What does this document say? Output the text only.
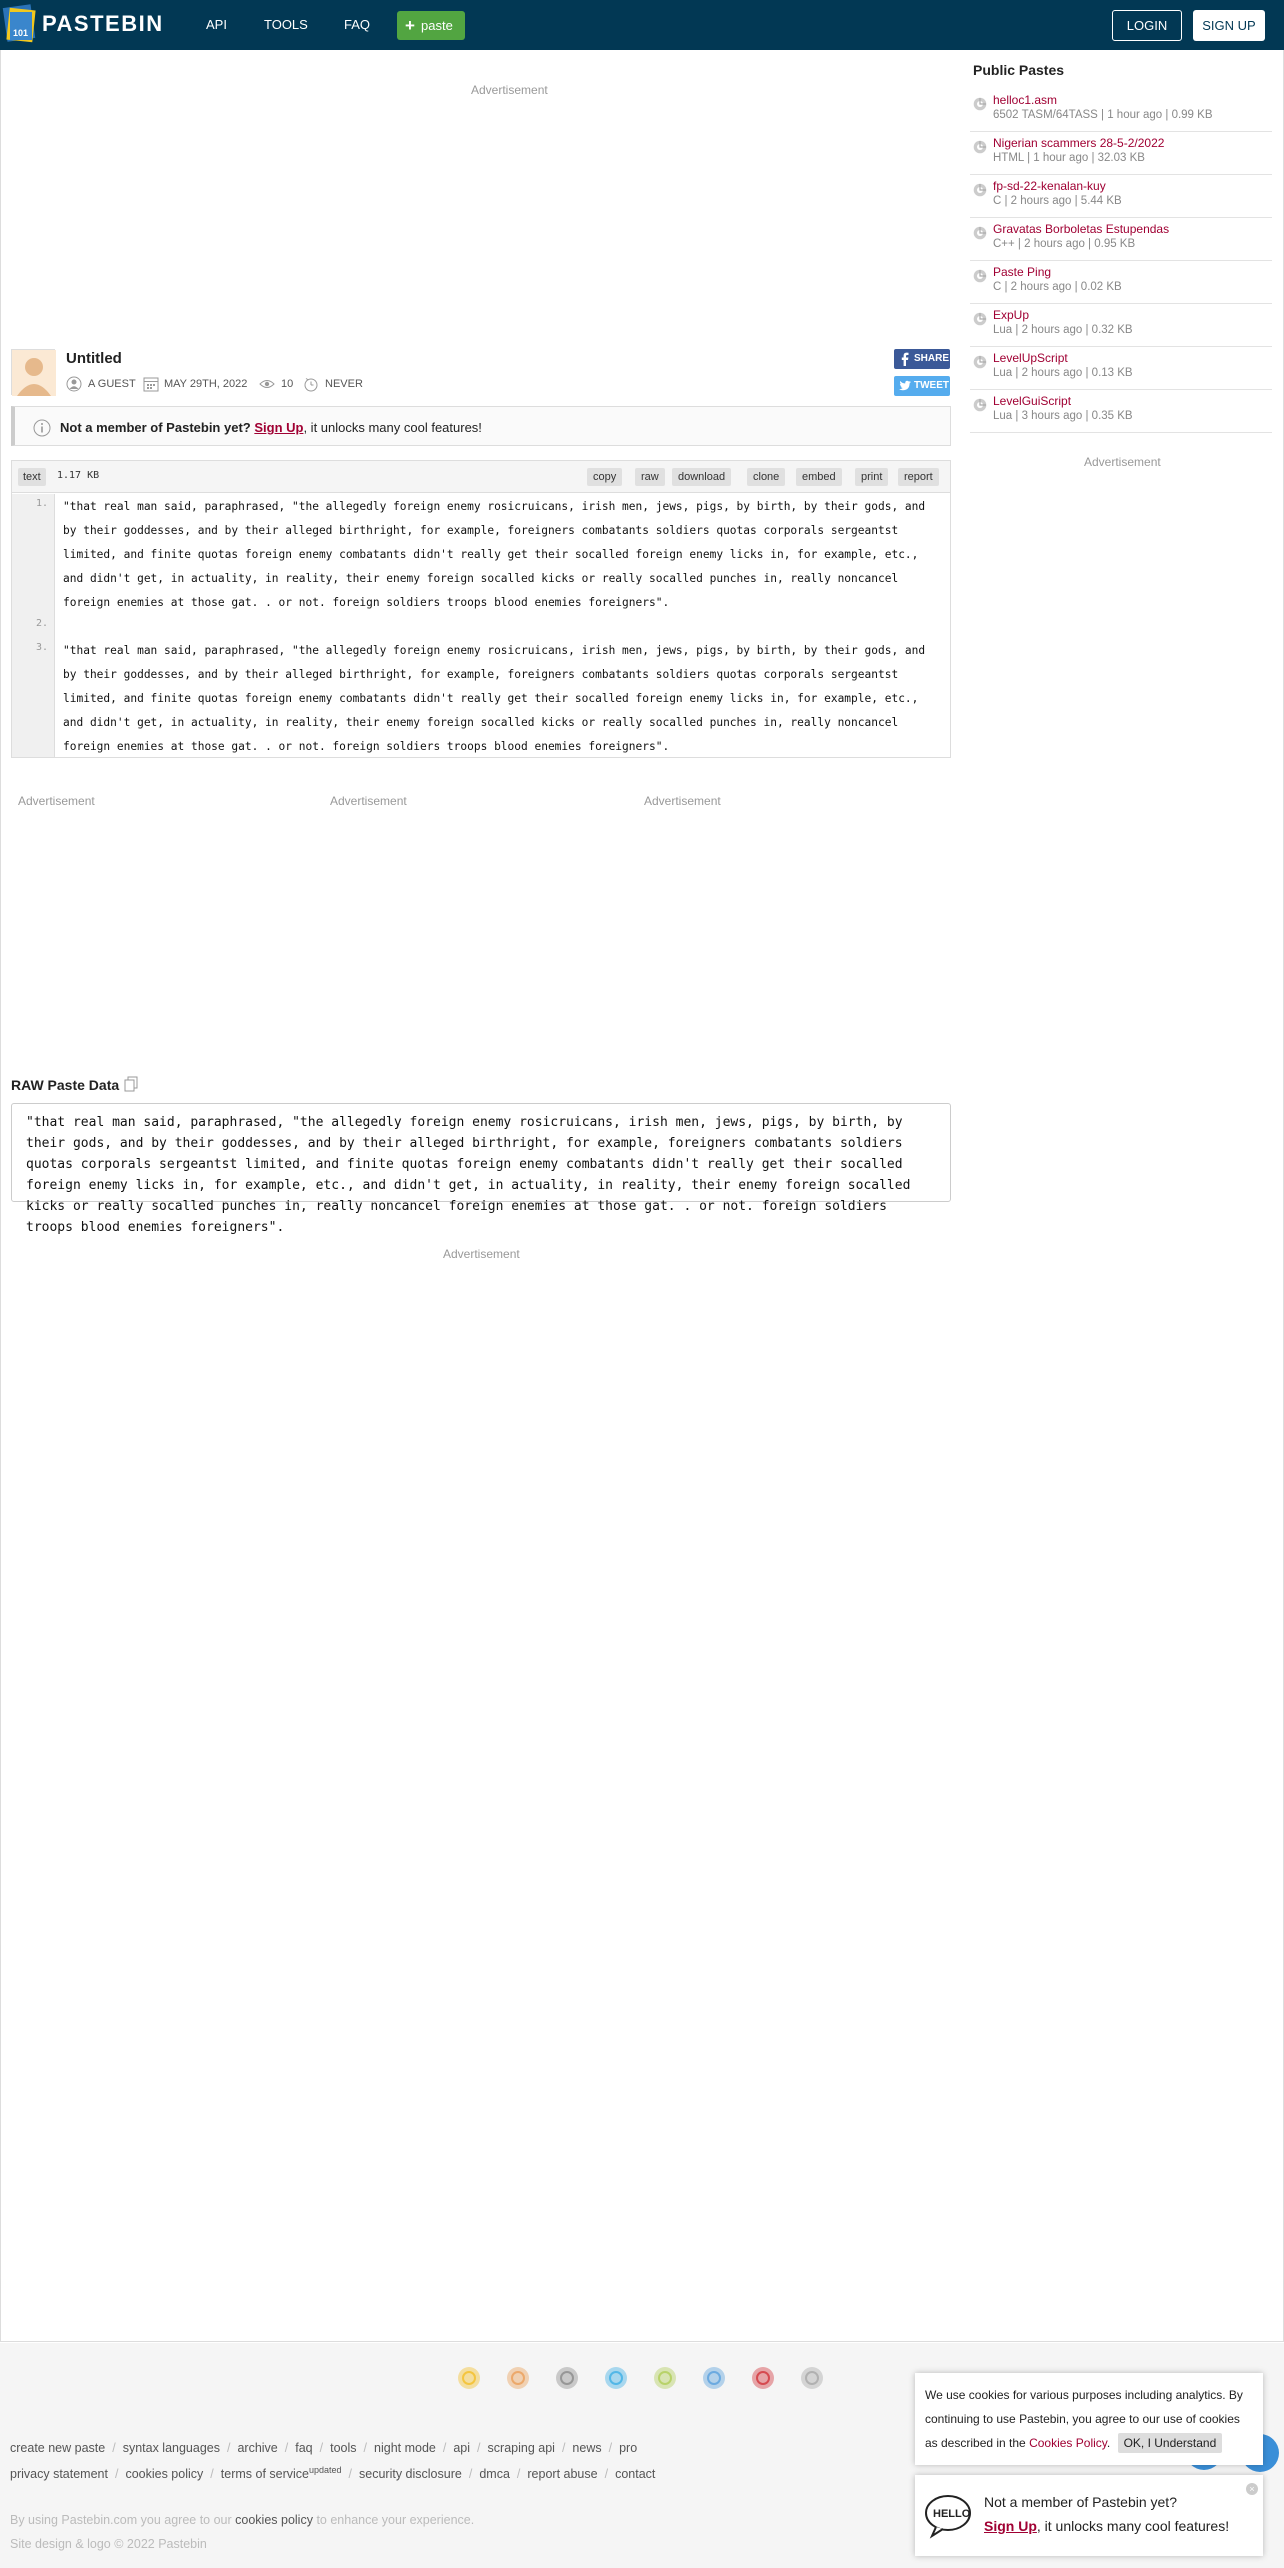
101 PASTEBIN	API	TOOLS	FAQ + paste	LOGIN	SIGN UP
Advertisement
Advertisement	Advertisement	Advertisement
Advertisement
Advertisement
Untitled
A GUEST	MAY 29TH, 2022	10	NEVER
SHARE
TWEET
Not a member of Pastebin yet? Sign Up, it unlocks many cool features!
text	1.17 KB	copy	raw	download	clone	embed	print	report
1.
2.
3.
"that real man said, paraphrased, "the allegedly foreign enemy rosicruicans, irish men, jews, pigs, by birth, by their gods, and by their goddesses, and by their alleged birthright, for example, foreigners combatants soldiers quotas corporals sergeantst limited, and finite quotas foreign enemy combatants didn't really get their socalled foreign enemy licks in, for example, etc., and didn't get, in actuality, in reality, their enemy foreign socalled kicks or really socalled punches in, really noncancel foreign enemies at those gat. . or not. foreign soldiers troops blood enemies foreigners".
"that real man said, paraphrased, "the allegedly foreign enemy rosicruicans, irish men, jews, pigs, by birth, by their gods, and by their goddesses, and by their alleged birthright, for example, foreigners combatants soldiers quotas corporals sergeantst limited, and finite quotas foreign enemy combatants didn't really get their socalled foreign enemy licks in, for example, etc., and didn't get, in actuality, in reality, their enemy foreign socalled kicks or really socalled punches in, really noncancel foreign enemies at those gat. . or not. foreign soldiers troops blood enemies foreigners".
RAW Paste Data
"that real man said, paraphrased, "the allegedly foreign enemy rosicruicans, irish men, jews, pigs, by birth, by their gods, and by their goddesses, and by their alleged birthright, for example, foreigners combatants soldiers quotas corporals sergeantst limited, and finite quotas foreign enemy combatants didn't really get their socalled foreign enemy licks in, for example, etc., and didn't get, in actuality, in reality, their enemy foreign socalled kicks or really socalled punches in, really noncancel foreign enemies at those gat. . or not. foreign soldiers troops blood enemies foreigners".
Public Pastes
helloc1.asm
6502 TASM/64TASS | 1 hour ago | 0.99 KB
Nigerian scammers 28-5-2/2022
HTML | 1 hour ago | 32.03 KB
fp-sd-22-kenalan-kuy
C | 2 hours ago | 5.44 KB
Gravatas Borboletas Estupendas
C++ | 2 hours ago | 0.95 KB
Paste Ping
C | 2 hours ago | 0.02 KB
ExpUp
Lua | 2 hours ago | 0.32 KB
LevelUpScript
Lua | 2 hours ago | 0.13 KB
LevelGuiScript
Lua | 3 hours ago | 0.35 KB
create new paste / syntax languages / archive / faq / tools / night mode / api / scraping api / news / pro
privacy statement / cookies policy / terms of service$^{updated}$ / security disclosure / dmca / report abuse / contact
By using Pastebin.com you agree to our cookies policy to enhance your experience.
Site design & logo © 2022 Pastebin
We use cookies for various purposes including analytics. By continuing to use Pastebin, you agree to our use of cookies as described in the Cookies Policy. OK, I Understand
HELLO
Not a member of Pastebin yet?
Sign Up, it unlocks many cool features!
×
